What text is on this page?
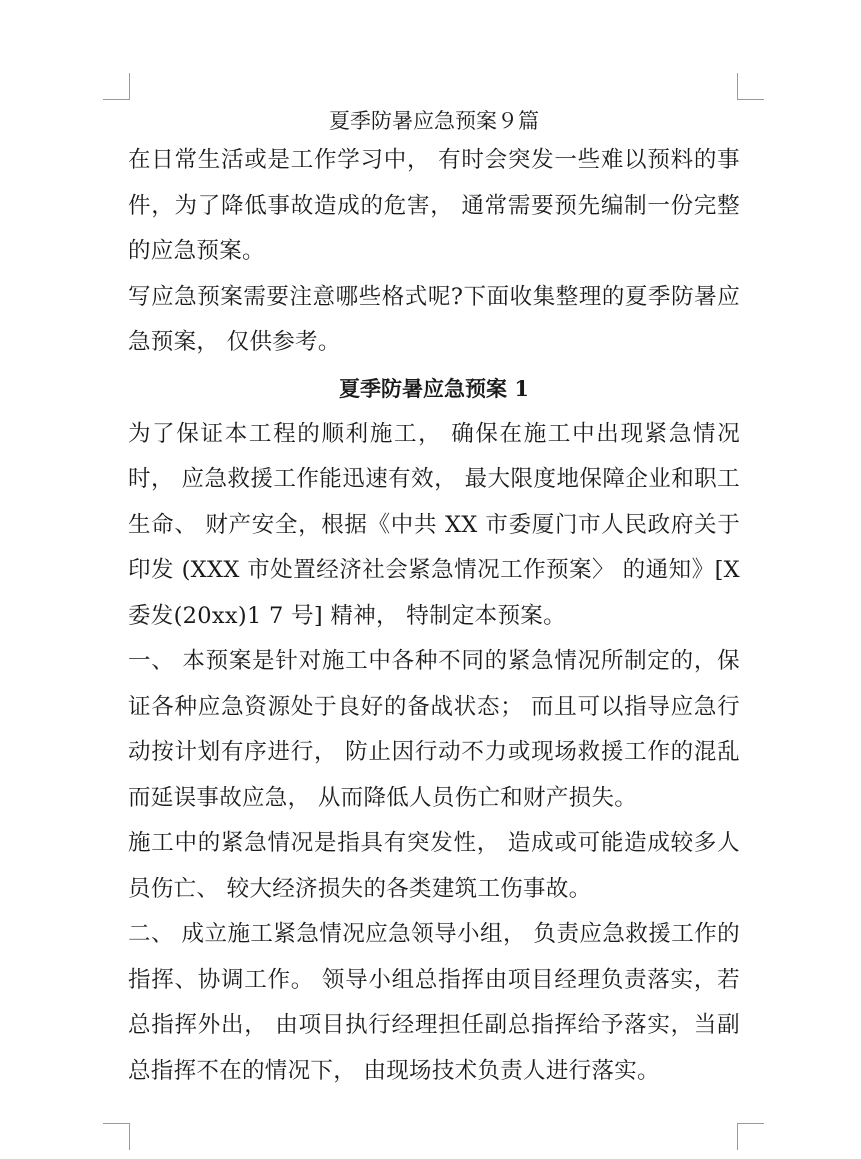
夏季防暑应急预案９篇

在日常生活或是工作学习中， 有时会突发一些难以预料的事件，为了降低事故造成的危害， 通常需要预先编制一份完整的应急预案。

写应急预案需要注意哪些格式呢?下面收集整理的夏季防暑应急预案， 仅供参考。

夏季防暑应急预案 1

为了保证本工程的顺利施工， 确保在施工中出现紧急情况时， 应急救援工作能迅速有效， 最大限度地保障企业和职工生命、 财产安全，根据《中共 XX 市委厦门市人民政府关于印发 (XXX 市处置经济社会紧急情况工作预案〉 的通知》[X 委发(20xx)1 7 号] 精神， 特制定本预案。

一、 本预案是针对施工中各种不同的紧急情况所制定的，保证各种应急资源处于良好的备战状态； 而且可以指导应急行动按计划有序进行， 防止因行动不力或现场救援工作的混乱而延误事故应急， 从而降低人员伤亡和财产损失。

施工中的紧急情况是指具有突发性， 造成或可能造成较多人员伤亡、 较大经济损失的各类建筑工伤事故。

二、 成立施工紧急情况应急领导小组， 负责应急救援工作的指挥、协调工作。 领导小组总指挥由项目经理负责落实，若总指挥外出， 由项目执行经理担任副总指挥给予落实，当副总指挥不在的情况下， 由现场技术负责人进行落实。
